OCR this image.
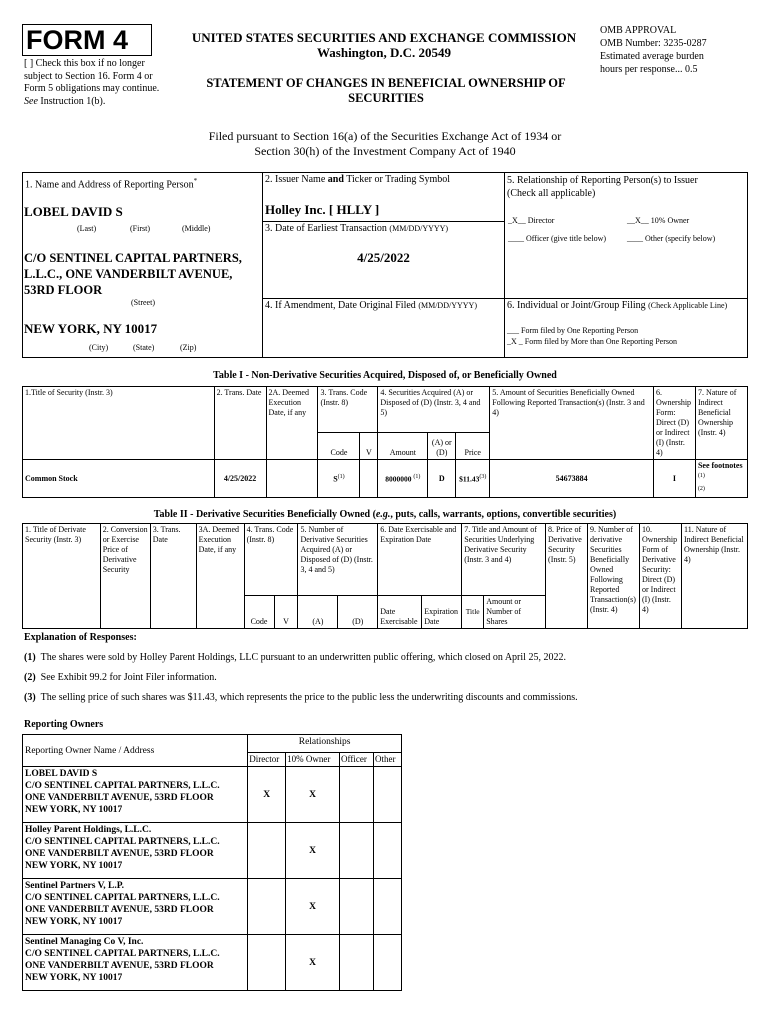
FORM 4
[ ] Check this box if no longer subject to Section 16. Form 4 or Form 5 obligations may continue. See Instruction 1(b).
UNITED STATES SECURITIES AND EXCHANGE COMMISSION
Washington, D.C. 20549
STATEMENT OF CHANGES IN BENEFICIAL OWNERSHIP OF SECURITIES
OMB APPROVAL
OMB Number: 3235-0287
Estimated average burden
hours per response... 0.5
Filed pursuant to Section 16(a) of the Securities Exchange Act of 1934 or
Section 30(h) of the Investment Company Act of 1940
1. Name and Address of Reporting Person*
LOBEL DAVID S
(Last)	(First)	(Middle)
C/O SENTINEL CAPITAL PARTNERS, L.L.C., ONE VANDERBILT AVENUE, 53RD FLOOR
(Street)
NEW YORK, NY 10017
(City)	(State)	(Zip)
2. Issuer Name and Ticker or Trading Symbol
Holley Inc. [ HLLY ]
3. Date of Earliest Transaction (MM/DD/YYYY)
4/25/2022
4. If Amendment, Date Original Filed (MM/DD/YYYY)
5. Relationship of Reporting Person(s) to Issuer
(Check all applicable)
_X__ Director	__X__ 10% Owner
____ Officer (give title below)	____ Other (specify below)
6. Individual or Joint/Group Filing (Check Applicable Line)
___ Form filed by One Reporting Person
_X _ Form filed by More than One Reporting Person
Table I - Non-Derivative Securities Acquired, Disposed of, or Beneficially Owned
1.Title of Security (Instr. 3)	2. Trans. Date	2A. Deemed Execution Date, if any	3. Trans. Code (Instr. 8)		4. Securities Acquired (A) or Disposed of (D) (Instr. 3, 4 and 5)			5. Amount of Securities Beneficially Owned Following Reported Transaction(s) (Instr. 3 and 4)	6. Ownership Form: Direct (D) or Indirect (I) (Instr. 4)	7. Nature of Indirect Beneficial Ownership (Instr. 4)
			Code	V	Amount	(A) or (D)	Price			
Common Stock	4/25/2022		$S^{(1)}$		8000000 $^{(1)}$	D	$11.43$^{(3)}$	54673884	I	See footnotes $^{(1)}$
$^{(2)}$
Table II - Derivative Securities Beneficially Owned (e.g., puts, calls, warrants, options, convertible securities)
1. Title of Derivate Security (Instr. 3)	2. Conversion or Exercise Price of Derivative Security	3. Trans. Date	3A. Deemed Execution Date, if any	4. Trans. Code (Instr. 8)		5. Number of Derivative Securities Acquired (A) or Disposed of (D) (Instr. 3, 4 and 5)		6. Date Exercisable and Expiration Date		7. Title and Amount of Securities Underlying Derivative Security (Instr. 3 and 4)		8. Price of Derivative Security (Instr. 5)	9. Number of derivative Securities Beneficially Owned Following Reported Transaction(s) (Instr. 4)	10. Ownership Form of Derivative Security: Direct (D) or Indirect (I) (Instr. 4)	11. Nature of Indirect Beneficial Ownership (Instr. 4)
				Code	V	(A)	(D)	Date Exercisable	Expiration Date	Title	Amount or Number of Shares				
Explanation of Responses:
(1) The shares were sold by Holley Parent Holdings, LLC pursuant to an underwritten public offering, which closed on April 25, 2022.
(2) See Exhibit 99.2 for Joint Filer information.
(3) The selling price of such shares was $11.43, which represents the price to the public less the underwriting discounts and commissions.
Reporting Owners
Reporting Owner Name / Address	Relationships			
	Director	10% Owner	Officer	Other

LOBEL DAVID S
C/O SENTINEL CAPITAL PARTNERS, L.L.C.
ONE VANDERBILT AVENUE, 53RD FLOOR
NEW YORK, NY 10017	X	X		

Holley Parent Holdings, L.L.C.
C/O SENTINEL CAPITAL PARTNERS, L.L.C.
ONE VANDERBILT AVENUE, 53RD FLOOR
NEW YORK, NY 10017		X		

Sentinel Partners V, L.P.
C/O SENTINEL CAPITAL PARTNERS, L.L.C.
ONE VANDERBILT AVENUE, 53RD FLOOR
NEW YORK, NY 10017		X		

Sentinel Managing Co V, Inc.
C/O SENTINEL CAPITAL PARTNERS, L.L.C.
ONE VANDERBILT AVENUE, 53RD FLOOR
NEW YORK, NY 10017		X		
